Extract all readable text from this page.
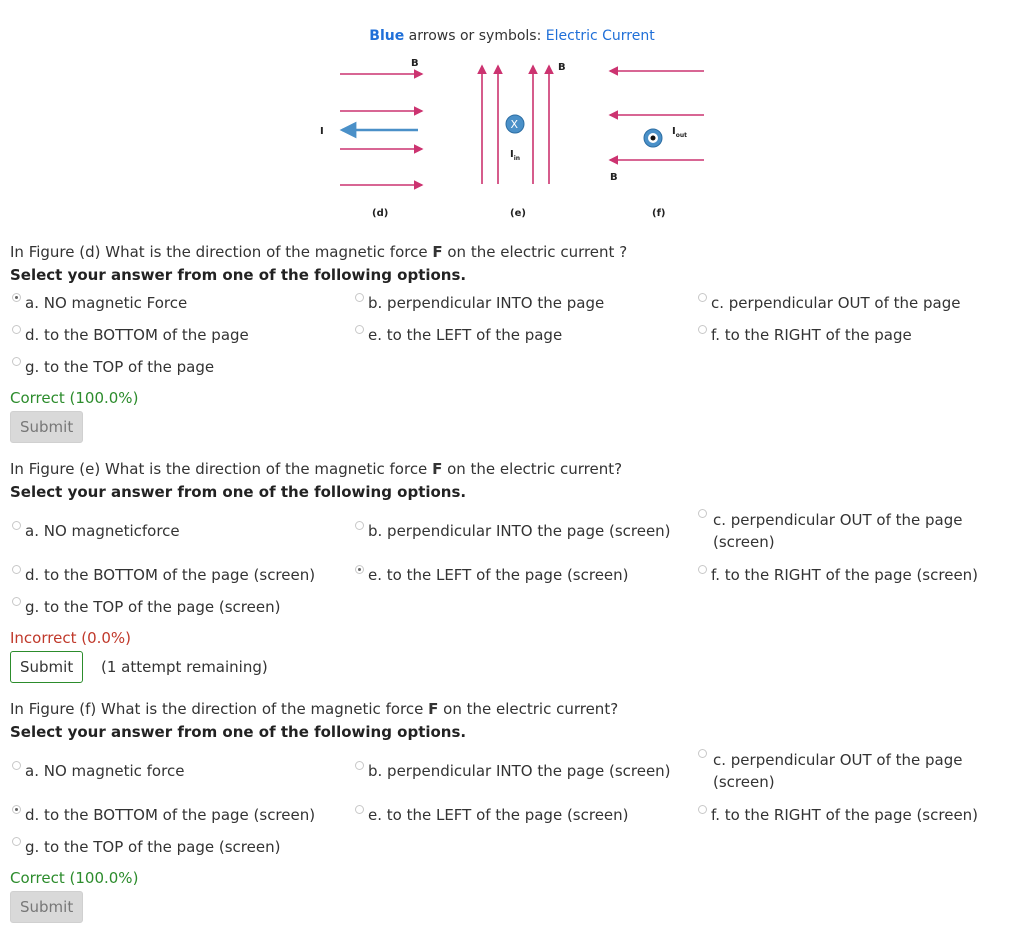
Blue arrows or symbols: Electric Current
B
I
X
$I_{in}$
B
B
$I_{out}$
(d)	(e)	(f)
In Figure (d) What is the direction of the magnetic force F on the electric current ?
Select your answer from one of the following options.
a. NO magnetic Force	b. perpendicular INTO the page	c. perpendicular OUT of the page
d. to the BOTTOM of the page	e. to the LEFT of the page	f. to the RIGHT of the page
g. to the TOP of the page
Correct (100.0%)
Submit
In Figure (e) What is the direction of the magnetic force F on the electric current?
Select your answer from one of the following options.
a. NO magneticforce	b. perpendicular INTO the page (screen)
c. perpendicular OUT of the page (screen)
d. to the BOTTOM of the page (screen)	e. to the LEFT of the page (screen)	f. to the RIGHT of the page (screen)
g. to the TOP of the page (screen)
Incorrect (0.0%)
Submit	(1 attempt remaining)
In Figure (f) What is the direction of the magnetic force F on the electric current?
Select your answer from one of the following options.
a. NO magnetic force	b. perpendicular INTO the page (screen)
c. perpendicular OUT of the page (screen)
d. to the BOTTOM of the page (screen)	e. to the LEFT of the page (screen)	f. to the RIGHT of the page (screen)
g. to the TOP of the page (screen)
Correct (100.0%)
Submit
